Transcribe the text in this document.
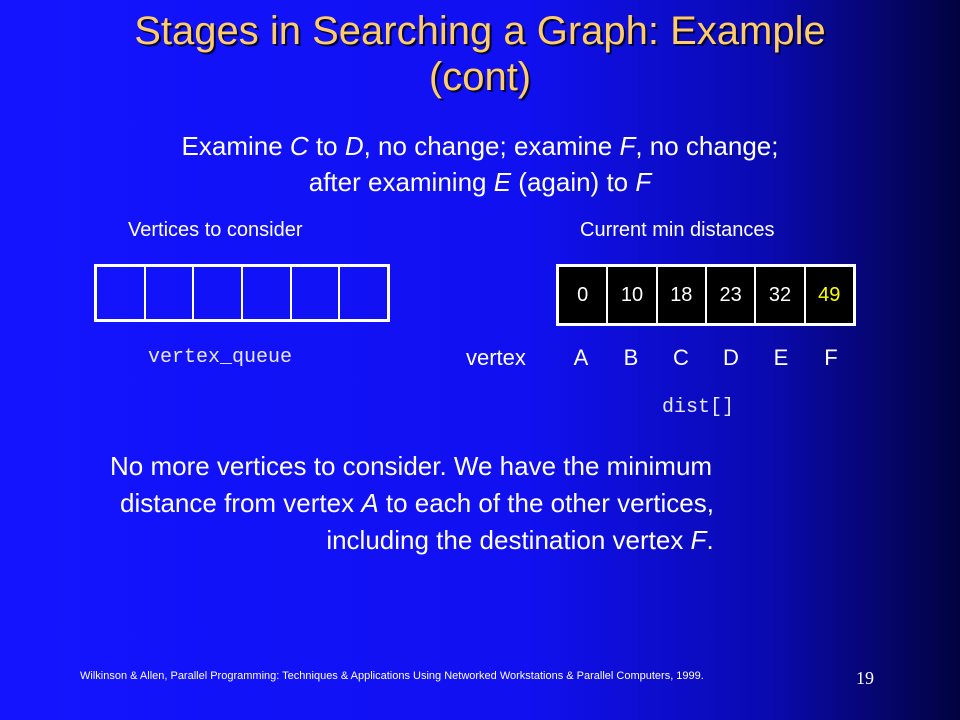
Stages in Searching a Graph: Example
(cont)
Examine C to D, no change; examine F, no change;
after examining E (again) to F
Vertices to consider	Current min distances
0	10	18	23	32	49
vertex_queue	vertex	A	B	C	D	E	F
dist[]
No more vertices to consider. We have the minimum
distance from vertex A to each of the other vertices,
including the destination vertex F.
Wilkinson & Allen, Parallel Programming: Techniques & Applications Using Networked Workstations & Parallel Computers, 1999.	19
